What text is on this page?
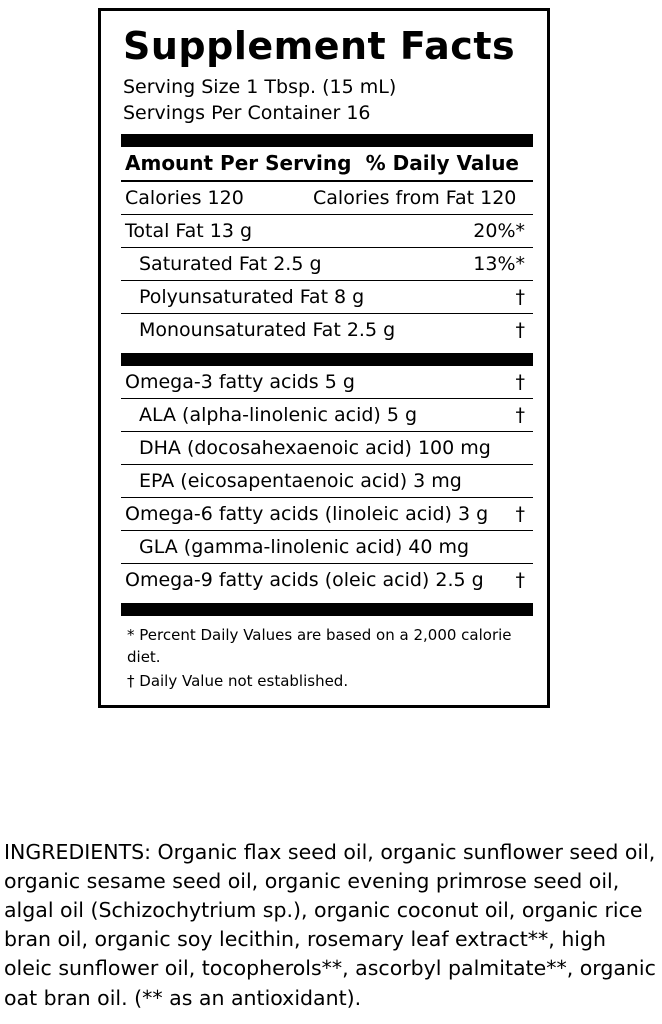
Supplement Facts
Serving Size 1 Tbsp. (15 mL)
Servings Per Container 16
Amount Per Serving % Daily Value
Calories 120	Calories from Fat 120
Total Fat 13 g	20%*
Saturated Fat 2.5 g	13%*
Polyunsaturated Fat 8 g	†
Monounsaturated Fat 2.5 g	†
Omega-3 fatty acids 5 g	†
ALA (alpha-linolenic acid) 5 g	†
DHA (docosahexaenoic acid) 100 mg
EPA (eicosapentaenoic acid) 3 mg
Omega-6 fatty acids (linoleic acid) 3 g †
GLA (gamma-linolenic acid) 40 mg
Omega-9 fatty acids (oleic acid) 2.5 g †
* Percent Daily Values are based on a 2,000 calorie diet.
† Daily Value not established.
INGREDIENTS: Organic flax seed oil, organic sunflower seed oil, organic sesame seed oil, organic evening primrose seed oil, algal oil (Schizochytrium sp.), organic coconut oil, organic rice bran oil, organic soy lecithin, rosemary leaf extract**, high oleic sunflower oil, tocopherols**, ascorbyl palmitate**, organic oat bran oil. (** as an antioxidant).
